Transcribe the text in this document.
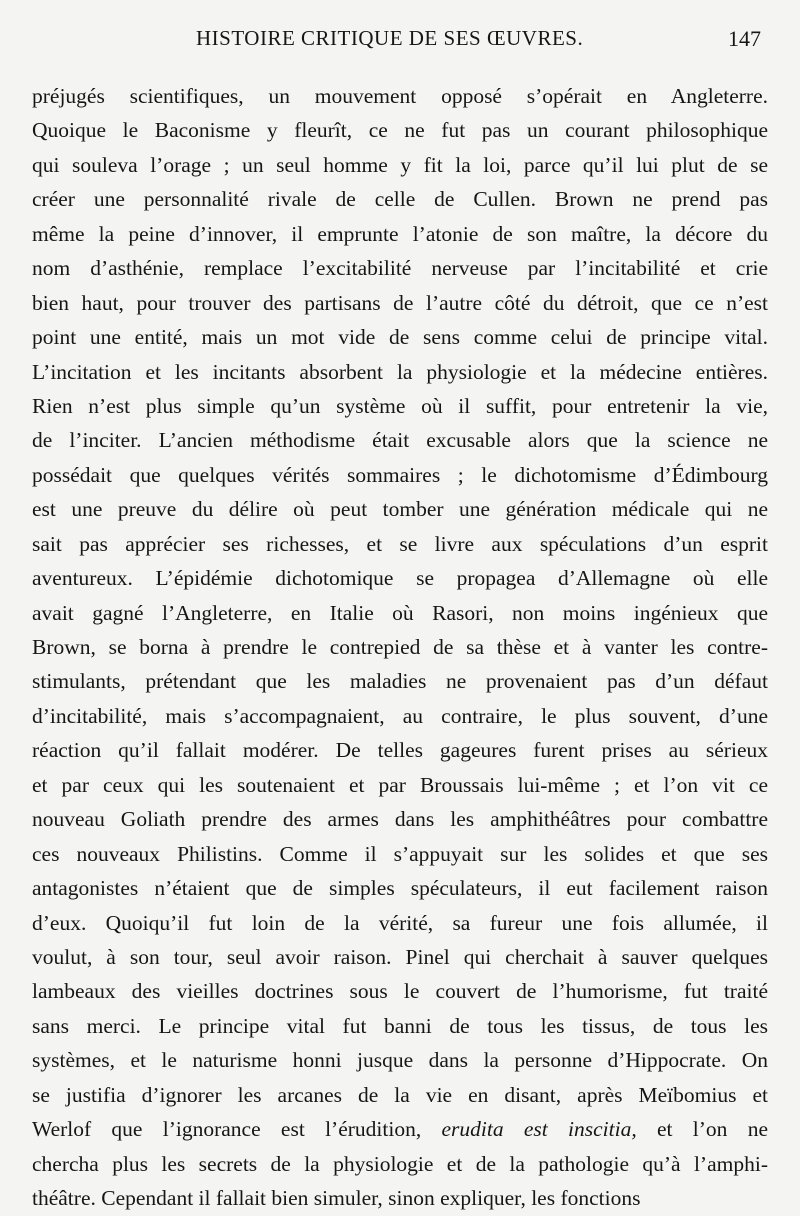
HISTOIRE CRITIQUE DE SES ŒUVRES.	147
préjugés scientifiques, un mouvement opposé s’opérait en Angleterre.
Quoique le Baconisme y fleurît, ce ne fut pas un courant philosophique
qui souleva l’orage ; un seul homme y fit la loi, parce qu’il lui plut de se
créer une personnalité rivale de celle de Cullen. Brown ne prend pas
même la peine d’innover, il emprunte l’atonie de son maître, la décore du
nom d’asthénie, remplace l’excitabilité nerveuse par l’incitabilité et crie
bien haut, pour trouver des partisans de l’autre côté du détroit, que ce n’est
point une entité, mais un mot vide de sens comme celui de principe vital.
L’incitation et les incitants absorbent la physiologie et la médecine entières.
Rien n’est plus simple qu’un système où il suffit, pour entretenir la vie,
de l’inciter. L’ancien méthodisme était excusable alors que la science ne
possédait que quelques vérités sommaires ; le dichotomisme d’Édimbourg
est une preuve du délire où peut tomber une génération médicale qui ne
sait pas apprécier ses richesses, et se livre aux spéculations d’un esprit
aventureux. L’épidémie dichotomique se propagea d’Allemagne où elle
avait gagné l’Angleterre, en Italie où Rasori, non moins ingénieux que
Brown, se borna à prendre le contrepied de sa thèse et à vanter les contre-
stimulants, prétendant que les maladies ne provenaient pas d’un défaut
d’incitabilité, mais s’accompagnaient, au contraire, le plus souvent, d’une
réaction qu’il fallait modérer. De telles gageures furent prises au sérieux
et par ceux qui les soutenaient et par Broussais lui-même ; et l’on vit ce
nouveau Goliath prendre des armes dans les amphithéâtres pour combattre
ces nouveaux Philistins. Comme il s’appuyait sur les solides et que ses
antagonistes n’étaient que de simples spéculateurs, il eut facilement raison
d’eux. Quoiqu’il fut loin de la vérité, sa fureur une fois allumée, il
voulut, à son tour, seul avoir raison. Pinel qui cherchait à sauver quelques
lambeaux des vieilles doctrines sous le couvert de l’humorisme, fut traité
sans merci. Le principe vital fut banni de tous les tissus, de tous les
systèmes, et le naturisme honni jusque dans la personne d’Hippocrate. On
se justifia d’ignorer les arcanes de la vie en disant, après Meïbomius et
Werlof que l’ignorance est l’érudition, erudita est inscitia, et l’on ne
chercha plus les secrets de la physiologie et de la pathologie qu’à l’amphi-
théâtre. Cependant il fallait bien simuler, sinon expliquer, les fonctions
